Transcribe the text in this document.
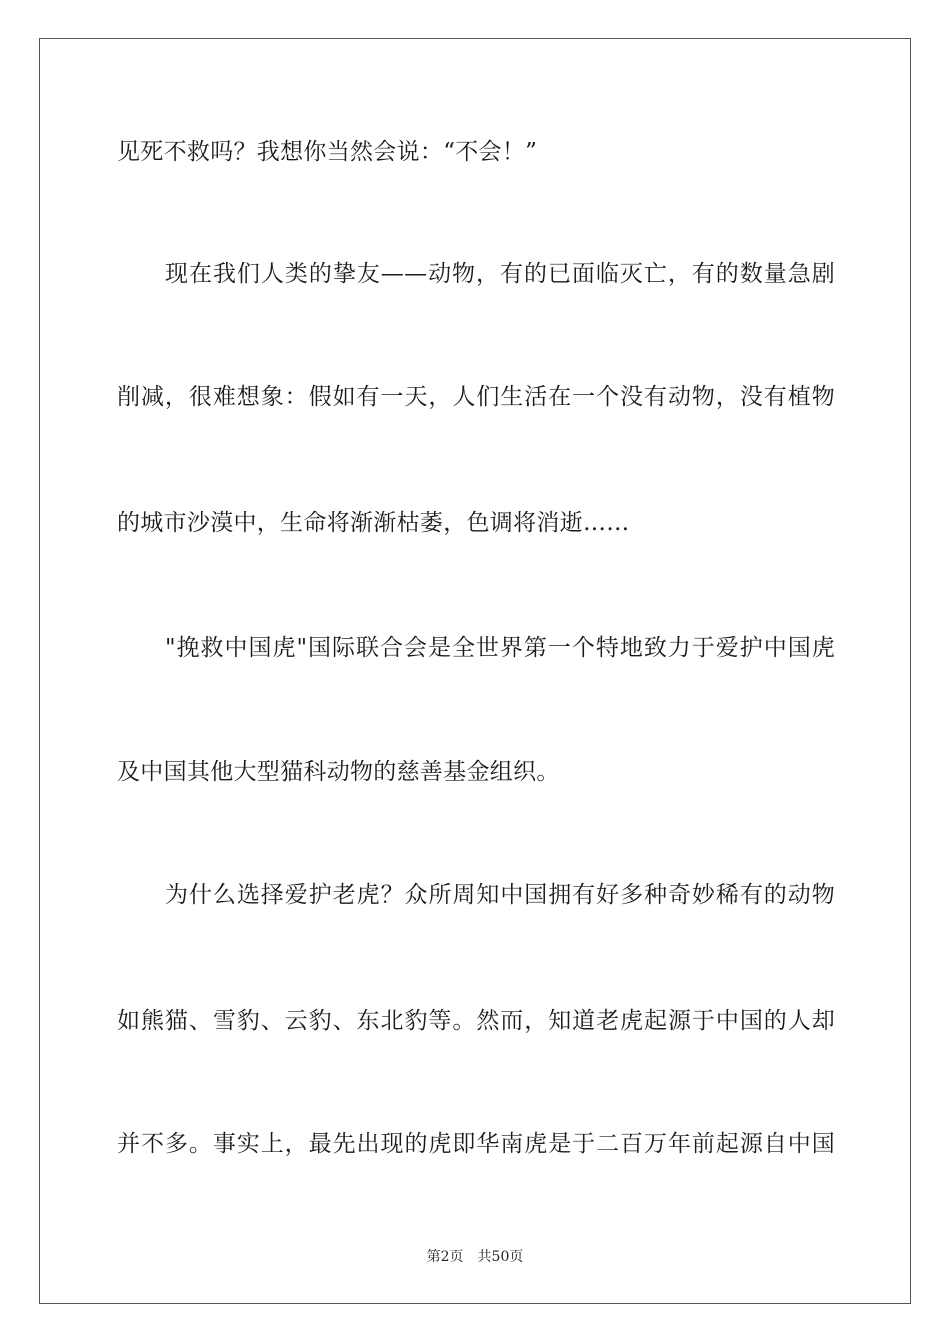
见死不救吗？我想你当然会说：“不会！”
现在我们人类的挚友——动物，有的已面临灭亡，有的数量急剧
削减，很难想象：假如有一天，人们生活在一个没有动物，没有植物
的城市沙漠中，生命将渐渐枯萎，色调将消逝……
"挽救中国虎"国际联合会是全世界第一个特地致力于爱护中国虎
及中国其他大型猫科动物的慈善基金组织。
为什么选择爱护老虎？众所周知中国拥有好多种奇妙稀有的动物
如熊猫、雪豹、云豹、东北豹等。然而，知道老虎起源于中国的人却
并不多。事实上，最先出现的虎即华南虎是于二百万年前起源自中国
第2页 共50页
